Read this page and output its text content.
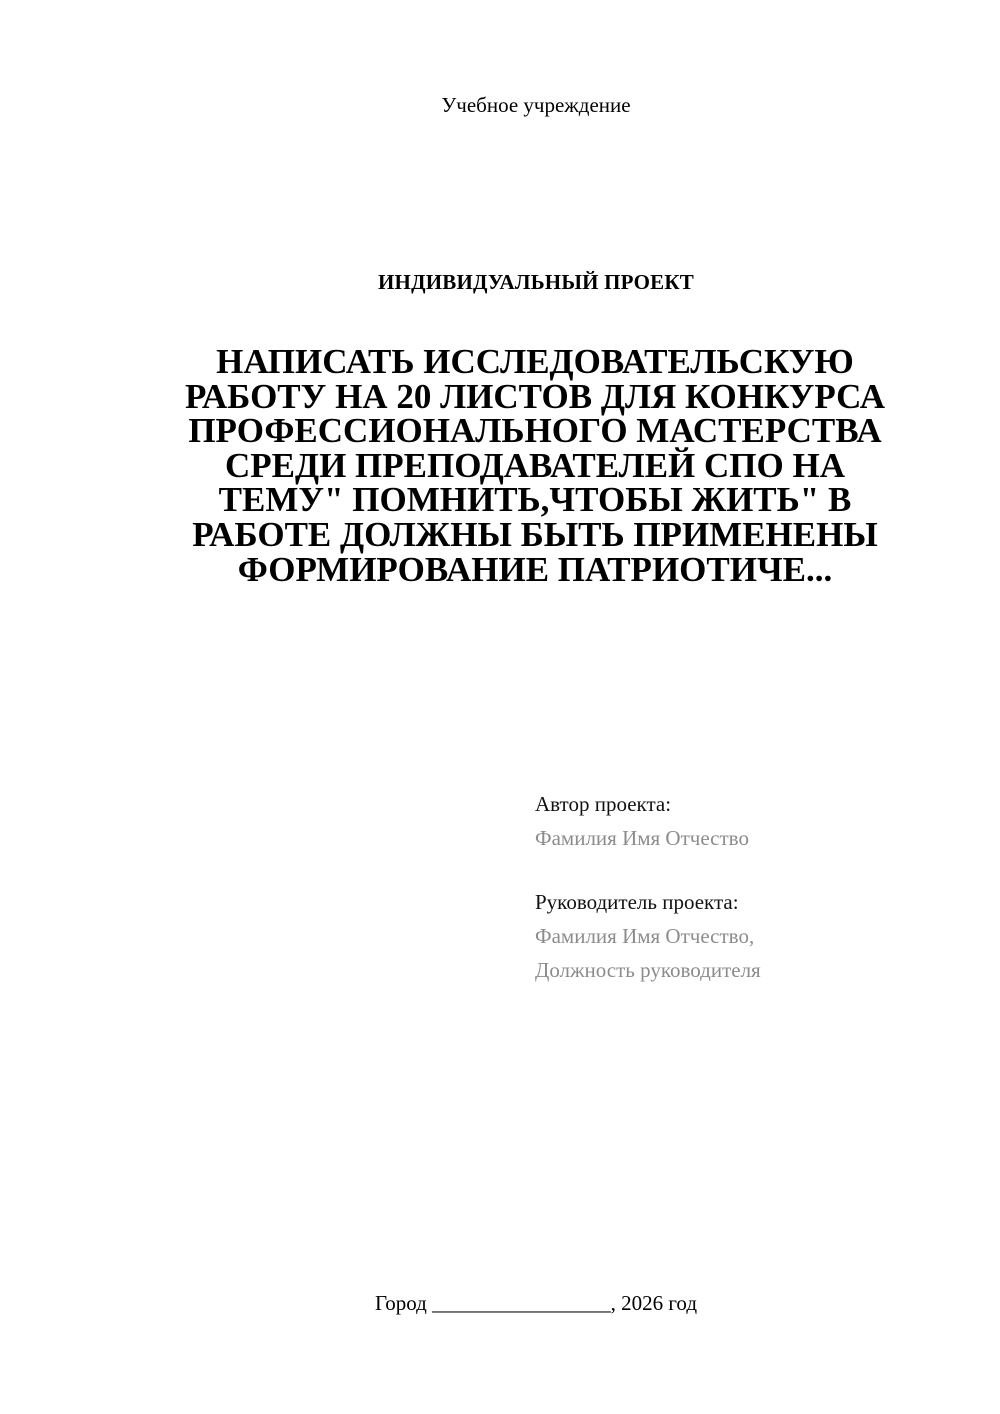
Учебное учреждение
ИНДИВИДУАЛЬНЫЙ ПРОЕКТ
НАПИСАТЬ ИССЛЕДОВАТЕЛЬСКУЮ
РАБОТУ НА 20 ЛИСТОВ ДЛЯ КОНКУРСА
ПРОФЕССИОНАЛЬНОГО МАСТЕРСТВА
СРЕДИ ПРЕПОДАВАТЕЛЕЙ СПО НА
ТЕМУ" ПОМНИТЬ,ЧТОБЫ ЖИТЬ" В
РАБОТЕ ДОЛЖНЫ БЫТЬ ПРИМЕНЕНЫ
ФОРМИРОВАНИЕ ПАТРИОТИЧЕ...
Автор проекта:
Фамилия Имя Отчество
Руководитель проекта:
Фамилия Имя Отчество,
Должность руководителя
Город _________________, 2026 год
